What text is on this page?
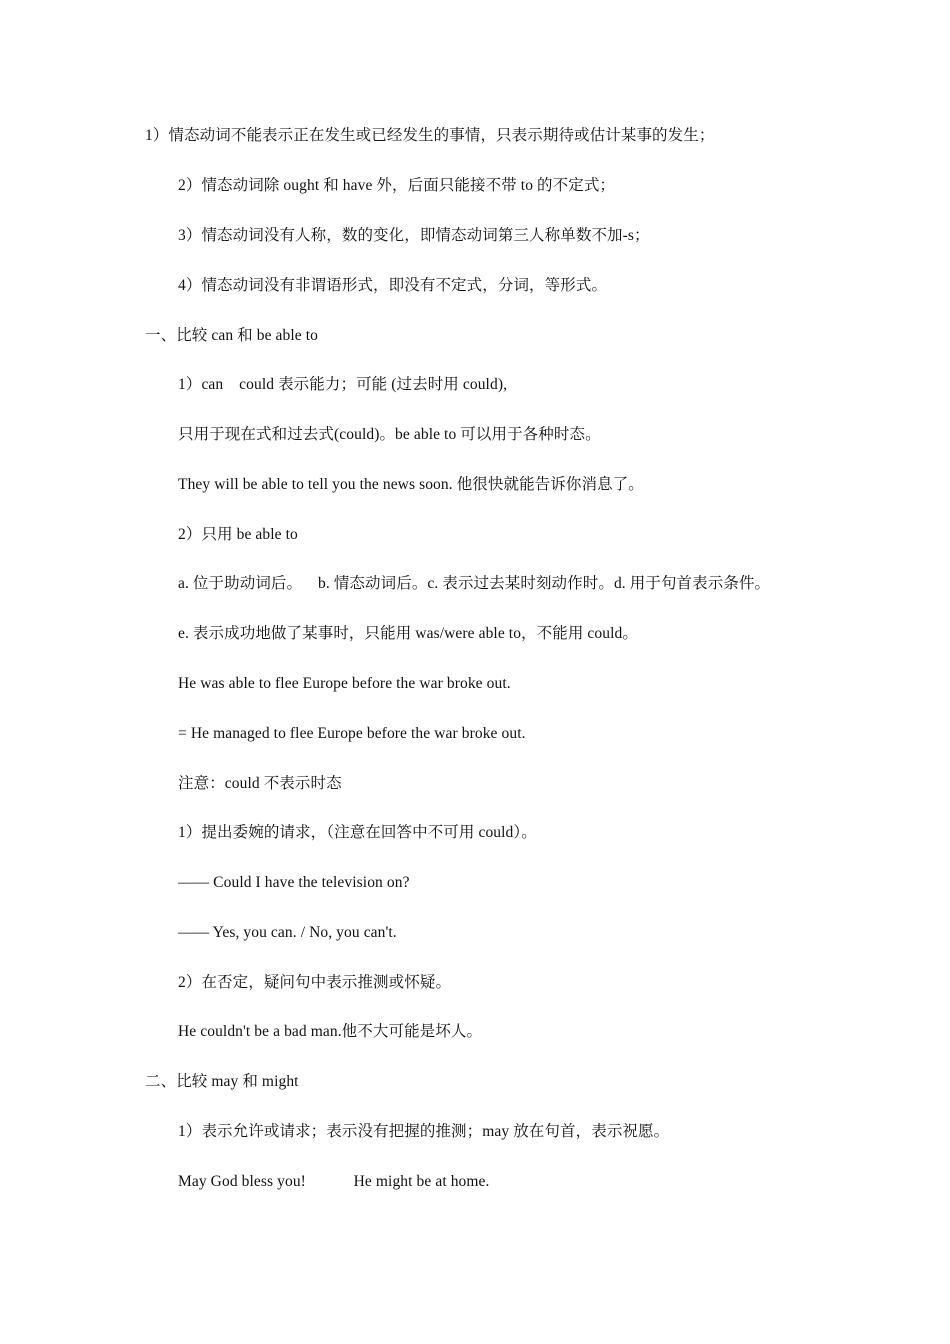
1）情态动词不能表示正在发生或已经发生的事情，只表示期待或估计某事的发生；
2）情态动词除 ought 和 have 外，后面只能接不带 to 的不定式；
3）情态动词没有人称，数的变化，即情态动词第三人称单数不加-s；
4）情态动词没有非谓语形式，即没有不定式，分词，等形式。
一、比较 can 和 be able to
1）can    could 表示能力；可能 (过去时用 could),
只用于现在式和过去式(could)。be able to 可以用于各种时态。
They will be able to tell you the news soon. 他很快就能告诉你消息了。
2）只用 be able to
a. 位于助动词后。    b. 情态动词后。c. 表示过去某时刻动作时。d. 用于句首表示条件。
e. 表示成功地做了某事时，只能用 was/were able to，不能用 could。
He was able to flee Europe before the war broke out.
= He managed to flee Europe before the war broke out.
注意：could 不表示时态
1）提出委婉的请求，（注意在回答中不可用 could）。
—— Could I have the television on?
—— Yes, you can. / No, you can't.
2）在否定，疑问句中表示推测或怀疑。
He couldn't be a bad man.他不大可能是坏人。
二、比较 may 和 might
1）表示允许或请求；表示没有把握的推测；may 放在句首，表示祝愿。
May God bless you!            He might be at home.
